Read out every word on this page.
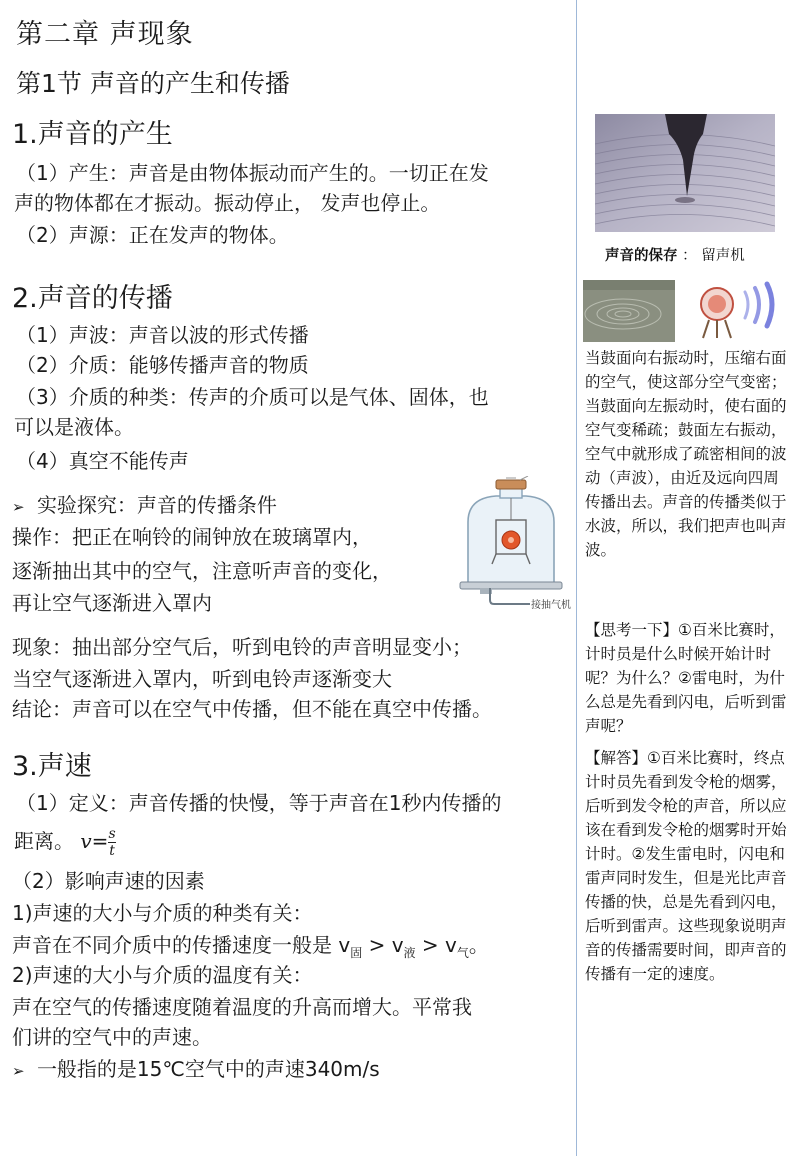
第二章 声现象
第1节 声音的产生和传播
1.声音的产生
（1）产生：声音是由物体振动而产生的。一切正在发
声的物体都在才振动。振动停止， 发声也停止。
（2）声源：正在发声的物体。
2.声音的传播
（1）声波：声音以波的形式传播
（2）介质：能够传播声音的物质
（3）介质的种类：传声的介质可以是气体、固体，也
可以是液体。
（4）真空不能传声
➢ 实验探究：声音的传播条件
操作：把正在响铃的闹钟放在玻璃罩内，
逐渐抽出其中的空气，注意听声音的变化，
再让空气逐渐进入罩内	接抽气机
现象：抽出部分空气后，听到电铃的声音明显变小；
当空气逐渐进入罩内，听到电铃声逐渐变大
结论：声音可以在空气中传播，但不能在真空中传播。
3.声速
（1）定义：声音传播的快慢，等于声音在1秒内传播的
距离。 $v=\frac{s}{t}$
（2）影响声速的因素
1)声速的大小与介质的种类有关：
声音在不同介质中的传播速度一般是 $v_固 > v_液 > v_气$。
2)声速的大小与介质的温度有关：
声在空气的传播速度随着温度的升高而增大。平常我
们讲的空气中的声速。
➢ 一般指的是15℃空气中的声速340m/s
声音的保存 ： 留声机
当鼓面向右振动时，压缩右面的空气，使这部分空气变密；当鼓面向左振动时，使右面的空气变稀疏；鼓面左右振动，空气中就形成了疏密相间的波动（声波），由近及远向四周传播出去。声音的传播类似于水波，所以，我们把声也叫声波。
【思考一下】①百米比赛时，计时员是什么时候开始计时呢？为什么？②雷电时，为什么总是先看到闪电，后听到雷声呢？
【解答】①百米比赛时，终点计时员先看到发令枪的烟雾，后听到发令枪的声音，所以应该在看到发令枪的烟雾时开始计时。②发生雷电时，闪电和雷声同时发生，但是光比声音传播的快，总是先看到闪电，后听到雷声。这些现象说明声音的传播需要时间，即声音的传播有一定的速度。
